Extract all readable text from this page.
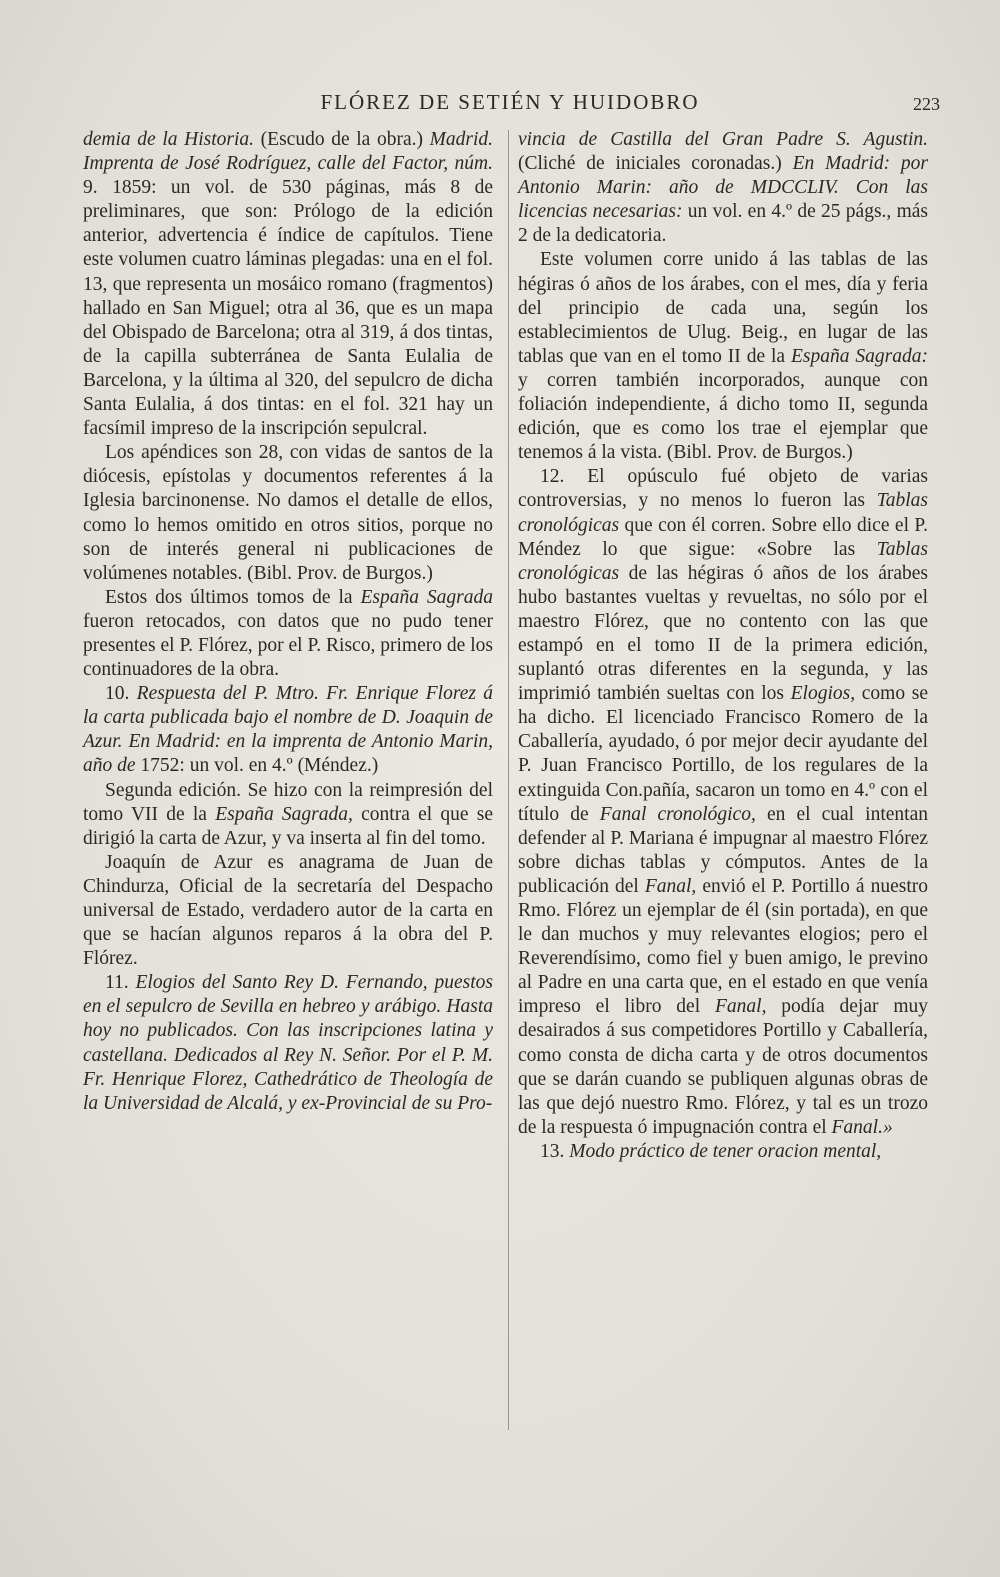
FLÓREZ DE SETIÉN Y HUIDOBRO	223

demia de la Historia. (Escudo de la obra.) Madrid. Imprenta de José Rodríguez, calle del Factor, núm. 9. 1859: un vol. de 530 páginas, más 8 de preliminares, que son: Prólogo de la edición anterior, advertencia é índice de capítulos. Tiene este volumen cuatro láminas plegadas: una en el fol. 13, que representa un mosáico romano (fragmentos) hallado en San Miguel; otra al 36, que es un mapa del Obispado de Barcelona; otra al 319, á dos tintas, de la capilla subterránea de Santa Eulalia de Barcelona, y la última al 320, del sepulcro de dicha Santa Eulalia, á dos tintas: en el fol. 321 hay un facsímil impreso de la inscripción sepulcral.

Los apéndices son 28, con vidas de santos de la diócesis, epístolas y documentos referentes á la Iglesia barcinonense. No damos el detalle de ellos, como lo hemos omitido en otros sitios, porque no son de interés general ni publicaciones de volúmenes notables. (Bibl. Prov. de Burgos.)

Estos dos últimos tomos de la España Sagrada fueron retocados, con datos que no pudo tener presentes el P. Flórez, por el P. Risco, primero de los continuadores de la obra.

10. Respuesta del P. Mtro. Fr. Enrique Florez á la carta publicada bajo el nombre de D. Joaquin de Azur. En Madrid: en la imprenta de Antonio Marin, año de 1752: un vol. en 4.º (Méndez.)

Segunda edición. Se hizo con la reimpresión del tomo VII de la España Sagrada, contra el que se dirigió la carta de Azur, y va inserta al fin del tomo.

Joaquín de Azur es anagrama de Juan de Chindurza, Oficial de la secretaría del Despacho universal de Estado, verdadero autor de la carta en que se hacían algunos reparos á la obra del P. Flórez.

11. Elogios del Santo Rey D. Fernando, puestos en el sepulcro de Sevilla en hebreo y arábigo. Hasta hoy no publicados. Con las inscripciones latina y castellana. Dedicados al Rey N. Señor. Por el P. M. Fr. Henrique Florez, Cathedrático de Theología de la Universidad de Alcalá, y ex-Provincial de su Pro-

vincia de Castilla del Gran Padre S. Agustin. (Cliché de iniciales coronadas.) En Madrid: por Antonio Marin: año de MDCCLIV. Con las licencias necesarias: un vol. en 4.º de 25 págs., más 2 de la dedicatoria.

Este volumen corre unido á las tablas de las hégiras ó años de los árabes, con el mes, día y feria del principio de cada una, según los establecimientos de Ulug. Beig., en lugar de las tablas que van en el tomo II de la España Sagrada: y corren también incorporados, aunque con foliación independiente, á dicho tomo II, segunda edición, que es como los trae el ejemplar que tenemos á la vista. (Bibl. Prov. de Burgos.)

12. El opúsculo fué objeto de varias controversias, y no menos lo fueron las Tablas cronológicas que con él corren. Sobre ello dice el P. Méndez lo que sigue: «Sobre las Tablas cronológicas de las hégiras ó años de los árabes hubo bastantes vueltas y revueltas, no sólo por el maestro Flórez, que no contento con las que estampó en el tomo II de la primera edición, suplantó otras diferentes en la segunda, y las imprimió también sueltas con los Elogios, como se ha dicho. El licenciado Francisco Romero de la Caballería, ayudado, ó por mejor decir ayudante del P. Juan Francisco Portillo, de los regulares de la extinguida Con.pañía, sacaron un tomo en 4.º con el título de Fanal cronológico, en el cual intentan defender al P. Mariana é impugnar al maestro Flórez sobre dichas tablas y cómputos. Antes de la publicación del Fanal, envió el P. Portillo á nuestro Rmo. Flórez un ejemplar de él (sin portada), en que le dan muchos y muy relevantes elogios; pero el Reverendísimo, como fiel y buen amigo, le previno al Padre en una carta que, en el estado en que venía impreso el libro del Fanal, podía dejar muy desairados á sus competidores Portillo y Caballería, como consta de dicha carta y de otros documentos que se darán cuando se publiquen algunas obras de las que dejó nuestro Rmo. Flórez, y tal es un trozo de la respuesta ó impugnación contra el Fanal.»

13. Modo práctico de tener oracion mental,
